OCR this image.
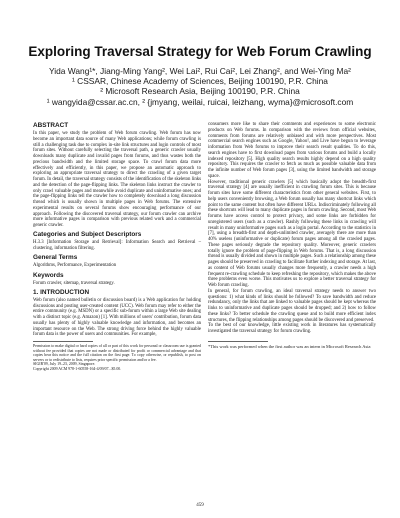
Exploring Traversal Strategy for Web Forum Crawling
Yida Wang¹*, Jiang-Ming Yang², Wei Lai², Rui Cai², Lei Zhang², and Wei-Ying Ma²
¹ CSSAR, Chinese Academy of Sciences, Beijing 100190, P.R. China
² Microsoft Research Asia, Beijing 100190, P.R. China
¹ wangyida@cssar.ac.cn, ² {jmyang, weilai, ruicai, leizhang, wyma}@microsoft.com
ABSTRACT

In this paper, we study the problem of Web forum crawling. Web forum has now become an important data source of many Web applications; while forum crawling is still a challenging task due to complex in-site link structures and login controls of most forum sites. Without carefully selecting the traversal path, a generic crawler usually downloads many duplicate and invalid pages from forums, and thus wastes both the precious bandwidth and the limited storage space. To crawl forum data more effectively and efficiently, in this paper, we propose an automatic approach to exploring an appropriate traversal strategy to direct the crawling of a given target forum. In detail, the traversal strategy consists of the identification of the skeleton links and the detection of the page-flipping links. The skeleton links instruct the crawler to only crawl valuable pages and meanwhile avoid duplicate and uninformative ones; and the page-flipping links tell the crawler how to completely download a long discussion thread which is usually shown in multiple pages in Web forums. The extensive experimental results on several forums show encouraging performance of our approach. Following the discovered traversal strategy, our forum crawler can archive more informative pages in comparison with previous related work and a commercial generic crawler.

Categories and Subject Descriptors

H.3.3 [Information Storage and Retrieval]: Information Search and Retrieval – clustering, information filtering.

General Terms

Algorithms, Performance, Experimentation

Keywords

Forum crawler, sitemap, traversal strategy.

1. INTRODUCTION

Web forum (also named bulletin or discussion board) is a Web application for holding discussions and posting user-created content (UCC). Web forum may refer to either the entire community (e.g. MSDN) or a specific sub-forum within a large Web site dealing with a distinct topic (e.g. Amazon) [1]. With millions of users' contribution, forum data usually has plenty of highly valuable knowledge and information, and becomes an important resource on the Web. The strong driving force behind the highly valuable forum data is the power of users and communities. For example,

Permission to make digital or hard copies of all or part of this work for personal or classroom use is granted without fee provided that copies are not made or distributed for profit or commercial advantage and that copies bear this notice and the full citation on the first page. To copy otherwise, or republish, to post on servers or to redistribute to lists, requires prior specific permission and/or a fee.
SIGIR'09, July 19–23, 2009, Singapore.
Copyright 2009 ACM 978-1-60558-164-4/09/07...$5.00.

consumers more like to share their comments and experiences to some electronic products on Web forums. In comparison with the reviews from official websites, comments from forums are relatively unbiased and with more perspectives. Most commercial search engines such as Google, Yahoo!, and Live have begun to leverage information from Web forums to improve their search result qualities. To do this, search engines have to first download pages from various forums and build a locally indexed repository [5]. High quality search results highly depend on a high quality repository. This requires the crawler to fetch as much as possible valuable data from the infinite number of Web forum pages [3], using the limited bandwidth and storage space.

However, traditional generic crawlers [5] which basically adopt the breadth-first traversal strategy [4] are usually inefficient in crawling forum sites. This is because forum sites have some different characteristics from other general websites. First, to help users conveniently browsing, a Web forum usually has many shortcut links which point to the same content but often have different URLs. Indiscriminately following all these shortcuts will lead to many duplicate pages in forum crawling. Second, most Web forums have access control to protect privacy, and some links are forbidden for unregistered users (such as a crawler). Rashly following these links in crawling will result in many uninformative pages such as a login portal. According to the statistics in [7], using a breadth-first and depth-unlimited crawler, averagely there are more than 40% useless (uninformative or duplicate) forum pages among all the crawled pages. These pages seriously degrade the repository quality. Moreover, generic crawlers totally ignore the problem of page-flipping in Web forums. That is, a long discussion thread is usually divided and shown in multiple pages. Such a relationship among these pages should be preserved in crawling to facilitate further indexing and storage. At last, as content of Web forums usually changes more frequently, a crawler needs a high frequent re-crawling schedule to keep refreshing the repository, which makes the above three problems even worse. This motivates us to explore a better traversal strategy for Web forum crawling.

In general, for forum crawling, an ideal traversal strategy needs to answer two questions: 1) what kinds of links should be followed? To save bandwidth and reduce redundancy, only the links that are linked to valuable pages should be kept whereas the links to uninformative and duplicate pages should be dropped; and 2) how to follow these links? To better schedule the crawling queue and to build more efficient index structures, the flipping relationships among pages should be discovered and preserved.

To the best of our knowledge, little existing work in literatures has systematically investigated the traversal strategy for forum crawling.

*This work was performed when the first author was an intern in Microsoft Research Asia
459
